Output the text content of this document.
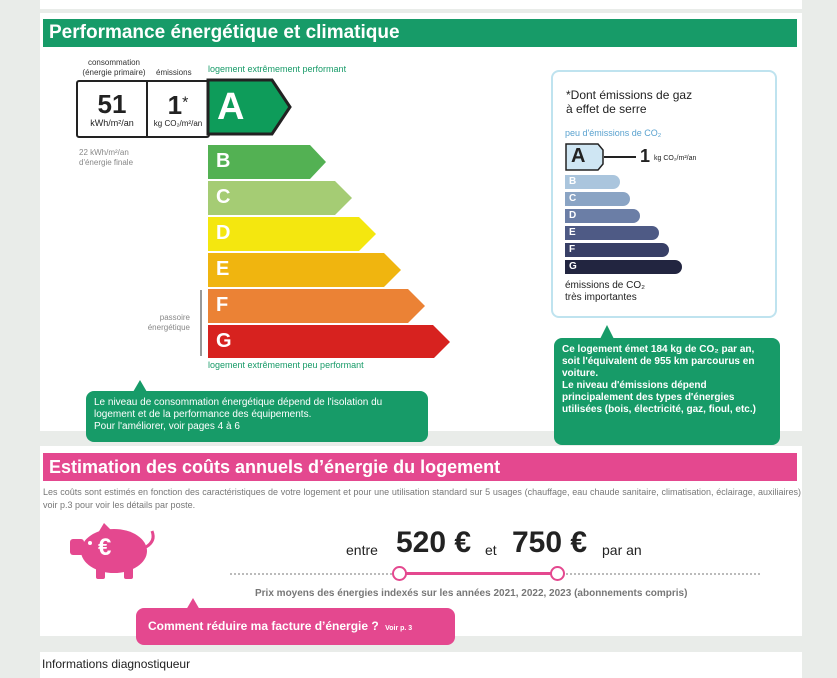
Performance énergétique et climatique
consommation
(énergie primaire)	émissions logement extrêmement performant
51
kWh/m²/an
1*
kg CO₂/m²/an
22 kWh/m²/an
d'énergie finale
passoire
énergétique
A
B
C
D
E
F
G
logement extrêmement peu performant
Le niveau de consommation énergétique dépend de l'isolation du logement et de la performance des équipements.
Pour l'améliorer, voir pages 4 à 6
*Dont émissions de gaz
à effet de serre
peu d'émissions de CO₂
A
B
C
D
E
F
G
1 kg CO₂/m²/an
émissions de CO₂
très importantes
Ce logement émet 184 kg de CO₂ par an, soit l'équivalent de 955 km parcourus en voiture.
Le niveau d'émissions dépend principalement des types d'énergies utilisées (bois, électricité, gaz, fioul, etc.)
Estimation des coûts annuels d’énergie du logement
Les coûts sont estimés en fonction des caractéristiques de votre logement et pour une utilisation standard sur 5 usages (chauffage, eau chaude sanitaire, climatisation, éclairage, auxiliaires) voir p.3 pour voir les détails par poste.
€	entre 520 € et 750 € par an
Prix moyens des énergies indexés sur les années 2021, 2022, 2023 (abonnements compris)
Comment réduire ma facture d’énergie ? Voir p. 3
Informations diagnostiqueur
